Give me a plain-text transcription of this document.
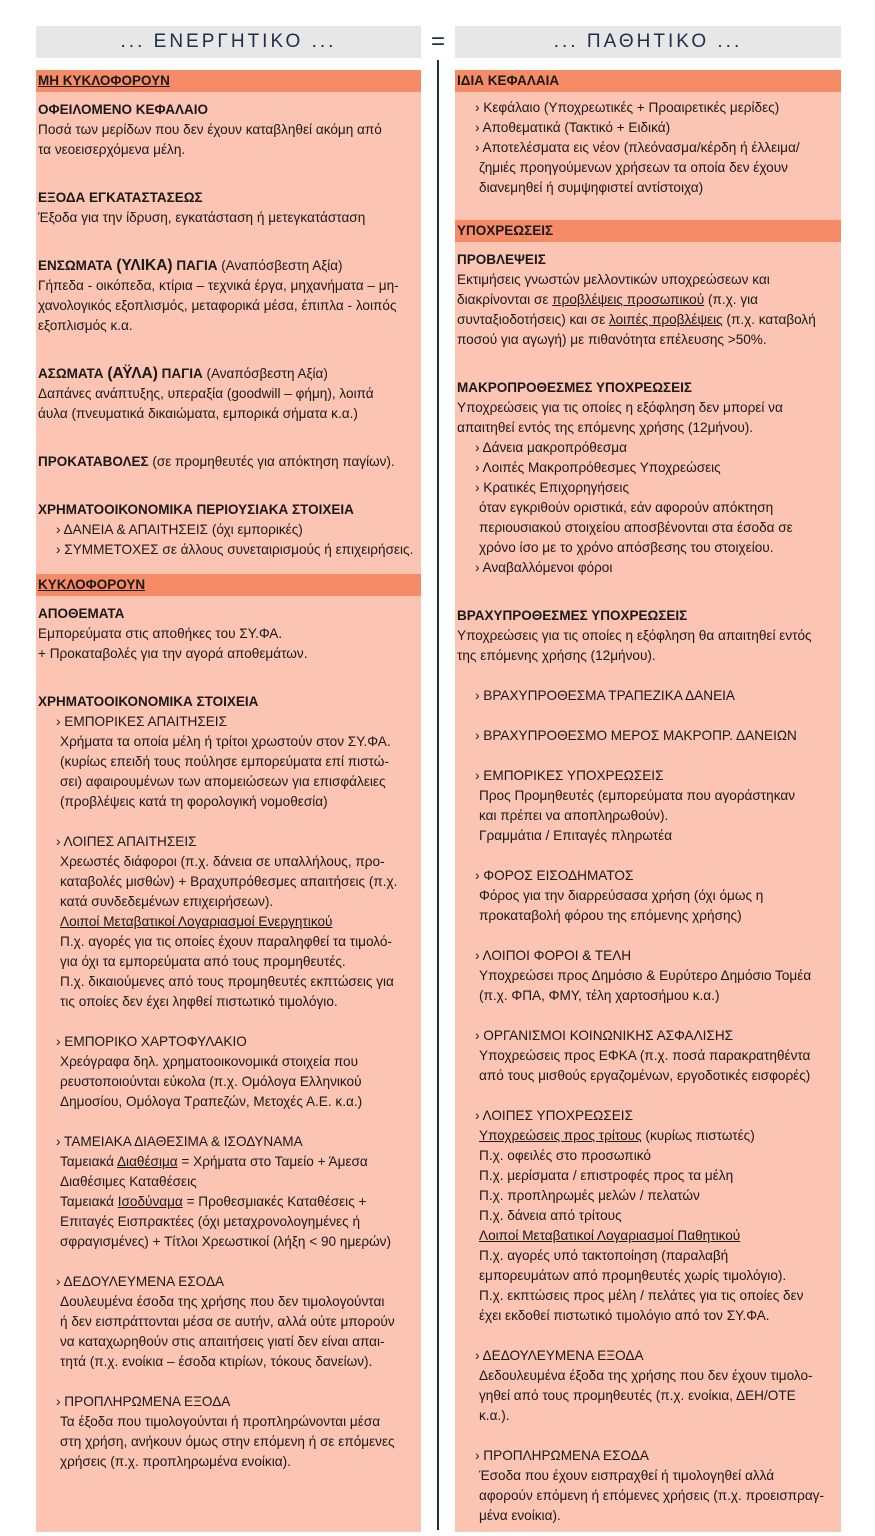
... ΕΝΕΡΓΗΤΙΚΟ ...	=	... ΠΑΘΗΤΙΚΟ ...
ΜΗ ΚΥΚΛΟΦΟΡΟΥΝ
ΟΦΕΙΛΟΜΕΝΟ ΚΕΦΑΛΑΙΟ
Ποσά των μερίδων που δεν έχουν καταβληθεί ακόμη από
τα νεοεισερχόμενα μέλη.
ΕΞΟΔΑ ΕΓΚΑΤΑΣΤΑΣΕΩΣ
Έξοδα για την ίδρυση, εγκατάσταση ή μετεγκατάσταση
ΕΝΣΩΜΑΤΑ (ΥΛΙΚΑ) ΠΑΓΙΑ (Αναπόσβεστη Αξία)
Γήπεδα - οικόπεδα, κτίρια – τεχνικά έργα, μηχανήματα – μη-
χανολογικός εξοπλισμός, μεταφορικά μέσα, έπιπλα - λοιπός
εξοπλισμός κ.α.
ΑΣΩΜΑΤΑ (ΑΫΛΑ) ΠΑΓΙΑ (Αναπόσβεστη Αξία)
Δαπάνες ανάπτυξης, υπεραξία (goodwill – φήμη), λοιπά
άυλα (πνευματικά δικαιώματα, εμπορικά σήματα κ.α.)
ΠΡΟΚΑΤΑΒΟΛΕΣ (σε προμηθευτές για απόκτηση παγίων).
ΧΡΗΜΑΤΟΟΙΚΟΝΟΜΙΚΑ ΠΕΡΙΟΥΣΙΑΚΑ ΣΤΟΙΧΕΙΑ
› ΔΑΝΕΙΑ & ΑΠΑΙΤΗΣΕΙΣ (όχι εμπορικές)
› ΣΥΜΜΕΤΟΧΕΣ σε άλλους συνεταιρισμούς ή επιχειρήσεις.
ΚΥΚΛΟΦΟΡΟΥΝ
ΑΠΟΘΕΜΑΤΑ
Εμπορεύματα στις αποθήκες του ΣΥ.ΦΑ.
+ Προκαταβολές για την αγορά αποθεμάτων.
ΧΡΗΜΑΤΟΟΙΚΟΝΟΜΙΚΑ ΣΤΟΙΧΕΙΑ
› ΕΜΠΟΡΙΚΕΣ ΑΠΑΙΤΗΣΕΙΣ
Χρήματα τα οποία μέλη ή τρίτοι χρωστούν στον ΣΥ.ΦΑ.
(κυρίως επειδή τους πούλησε εμπορεύματα επί πιστώ-
σει) αφαιρουμένων των απομειώσεων για επισφάλειες
(προβλέψεις κατά τη φορολογική νομοθεσία)
› ΛΟΙΠΕΣ ΑΠΑΙΤΗΣΕΙΣ
Χρεωστές διάφοροι (π.χ. δάνεια σε υπαλλήλους, προ-
καταβολές μισθών) + Βραχυπρόθεσμες απαιτήσεις (π.χ.
κατά συνδεδεμένων επιχειρήσεων).
Λοιποί Μεταβατικοί Λογαριασμοί Ενεργητικού
Π.χ. αγορές για τις οποίες έχουν παραληφθεί τα τιμολό-
για όχι τα εμπορεύματα από τους προμηθευτές.
Π.χ. δικαιούμενες από τους προμηθευτές εκπτώσεις για
τις οποίες δεν έχει ληφθεί πιστωτικό τιμολόγιο.
› ΕΜΠΟΡΙΚΟ ΧΑΡΤΟΦΥΛΑΚΙΟ
Χρεόγραφα δηλ. χρηματοοικονομικά στοιχεία που
ρευστοποιούνται εύκολα (π.χ. Ομόλογα Ελληνικού
Δημοσίου, Ομόλογα Τραπεζών, Μετοχές Α.Ε. κ.α.)
› ΤΑΜΕΙΑΚΑ ΔΙΑΘΕΣΙΜΑ & ΙΣΟΔΥΝΑΜΑ
Ταμειακά Διαθέσιμα = Χρήματα στο Ταμείο + Άμεσα
Διαθέσιμες Καταθέσεις
Ταμειακά Ισοδύναμα = Προθεσμιακές Καταθέσεις +
Επιταγές Εισπρακτέες (όχι μεταχρονολογημένες ή
σφραγισμένες) + Τίτλοι Χρεωστικοί (λήξη < 90 ημερών)
› ΔΕΔΟΥΛΕΥΜΕΝΑ ΕΣΟΔΑ
Δουλευμένα έσοδα της χρήσης που δεν τιμολογούνται
ή δεν εισπράττονται μέσα σε αυτήν, αλλά ούτε μπορούν
να καταχωρηθούν στις απαιτήσεις γιατί δεν είναι απαι-
τητά (π.χ. ενοίκια – έσοδα κτιρίων, τόκους δανείων).
› ΠΡΟΠΛΗΡΩΜΕΝΑ ΕΞΟΔΑ
Τα έξοδα που τιμολογούνται ή προπληρώνονται μέσα
στη χρήση, ανήκουν όμως στην επόμενη ή σε επόμενες
χρήσεις (π.χ. προπληρωμένα ενοίκια).
ΙΔΙΑ ΚΕΦΑΛΑΙΑ
› Κεφάλαιο (Υποχρεωτικές + Προαιρετικές μερίδες)
› Αποθεματικά (Τακτικό + Ειδικά)
› Αποτελέσματα εις νέον (πλεόνασμα/κέρδη ή έλλειμα/
ζημιές προηγούμενων χρήσεων τα οποία δεν έχουν
διανεμηθεί ή συμψηφιστεί αντίστοιχα)
ΥΠΟΧΡΕΩΣΕΙΣ
ΠΡΟΒΛΕΨΕΙΣ
Εκτιμήσεις γνωστών μελλοντικών υποχρεώσεων και
διακρίνονται σε προβλέψεις προσωπικού (π.χ. για
συνταξιοδοτήσεις) και σε λοιπές προβλέψεις (π.χ. καταβολή
ποσού για αγωγή) με πιθανότητα επέλευσης >50%.
ΜΑΚΡΟΠΡΟΘΕΣΜΕΣ ΥΠΟΧΡΕΩΣΕΙΣ
Υποχρεώσεις για τις οποίες η εξόφληση δεν μπορεί να
απαιτηθεί εντός της επόμενης χρήσης (12μήνου).
› Δάνεια μακροπρόθεσμα
› Λοιπές Μακροπρόθεσμες Υποχρεώσεις
› Κρατικές Επιχορηγήσεις
όταν εγκριθούν οριστικά, εάν αφορούν απόκτηση
περιουσιακού στοιχείου αποσβένονται στα έσοδα σε
χρόνο ίσο με το χρόνο απόσβεσης του στοιχείου.
› Αναβαλλόμενοι φόροι
ΒΡΑΧΥΠΡΟΘΕΣΜΕΣ ΥΠΟΧΡΕΩΣΕΙΣ
Υποχρεώσεις για τις οποίες η εξόφληση θα απαιτηθεί εντός
της επόμενης χρήσης (12μήνου).
› ΒΡΑΧΥΠΡΟΘΕΣΜΑ ΤΡΑΠΕΖΙΚΑ ΔΑΝΕΙΑ
› ΒΡΑΧΥΠΡΟΘΕΣΜΟ ΜΕΡΟΣ ΜΑΚΡΟΠΡ. ΔΑΝΕΙΩΝ
› ΕΜΠΟΡΙΚΕΣ ΥΠΟΧΡΕΩΣΕΙΣ
Προς Προμηθευτές (εμπορεύματα που αγοράστηκαν
και πρέπει να αποπληρωθούν).
Γραμμάτια / Επιταγές πληρωτέα
› ΦΟΡΟΣ ΕΙΣΟΔΗΜΑΤΟΣ
Φόρος για την διαρρεύσασα χρήση (όχι όμως η
προκαταβολή φόρου της επόμενης χρήσης)
› ΛΟΙΠΟΙ ΦΟΡΟΙ & ΤΕΛΗ
Υποχρεώσει προς Δημόσιο & Ευρύτερο Δημόσιο Τομέα
(π.χ. ΦΠΑ, ΦΜΥ, τέλη χαρτοσήμου κ.α.)
› ΟΡΓΑΝΙΣΜΟΙ ΚΟΙΝΩΝΙΚΗΣ ΑΣΦΑΛΙΣΗΣ
Υποχρεώσεις προς ΕΦΚΑ (π.χ. ποσά παρακρατηθέντα
από τους μισθούς εργαζομένων, εργοδοτικές εισφορές)
› ΛΟΙΠΕΣ ΥΠΟΧΡΕΩΣΕΙΣ
Υποχρεώσεις προς τρίτους (κυρίως πιστωτές)
Π.χ. οφειλές στο προσωπικό
Π.χ. μερίσματα / επιστροφές προς τα μέλη
Π.χ. προπληρωμές μελών / πελατών
Π.χ. δάνεια από τρίτους
Λοιποί Μεταβατικοί Λογαριασμοί Παθητικού
Π.χ. αγορές υπό τακτοποίηση (παραλαβή
εμπορευμάτων από προμηθευτές χωρίς τιμολόγιο).
Π.χ. εκπτώσεις προς μέλη / πελάτες για τις οποίες δεν
έχει εκδοθεί πιστωτικό τιμολόγιο από τον ΣΥ.ΦΑ.
› ΔΕΔΟΥΛΕΥΜΕΝΑ ΕΞΟΔΑ
Δεδουλευμένα έξοδα της χρήσης που δεν έχουν τιμολο-
γηθεί από τους προμηθευτές (π.χ. ενοίκια, ΔΕΗ/ΟΤΕ
κ.α.).
› ΠΡΟΠΛΗΡΩΜΕΝΑ ΕΣΟΔΑ
Έσοδα που έχουν εισπραχθεί ή τιμολογηθεί αλλά
αφορούν επόμενη ή επόμενες χρήσεις (π.χ. προεισπραγ-
μένα ενοίκια).
